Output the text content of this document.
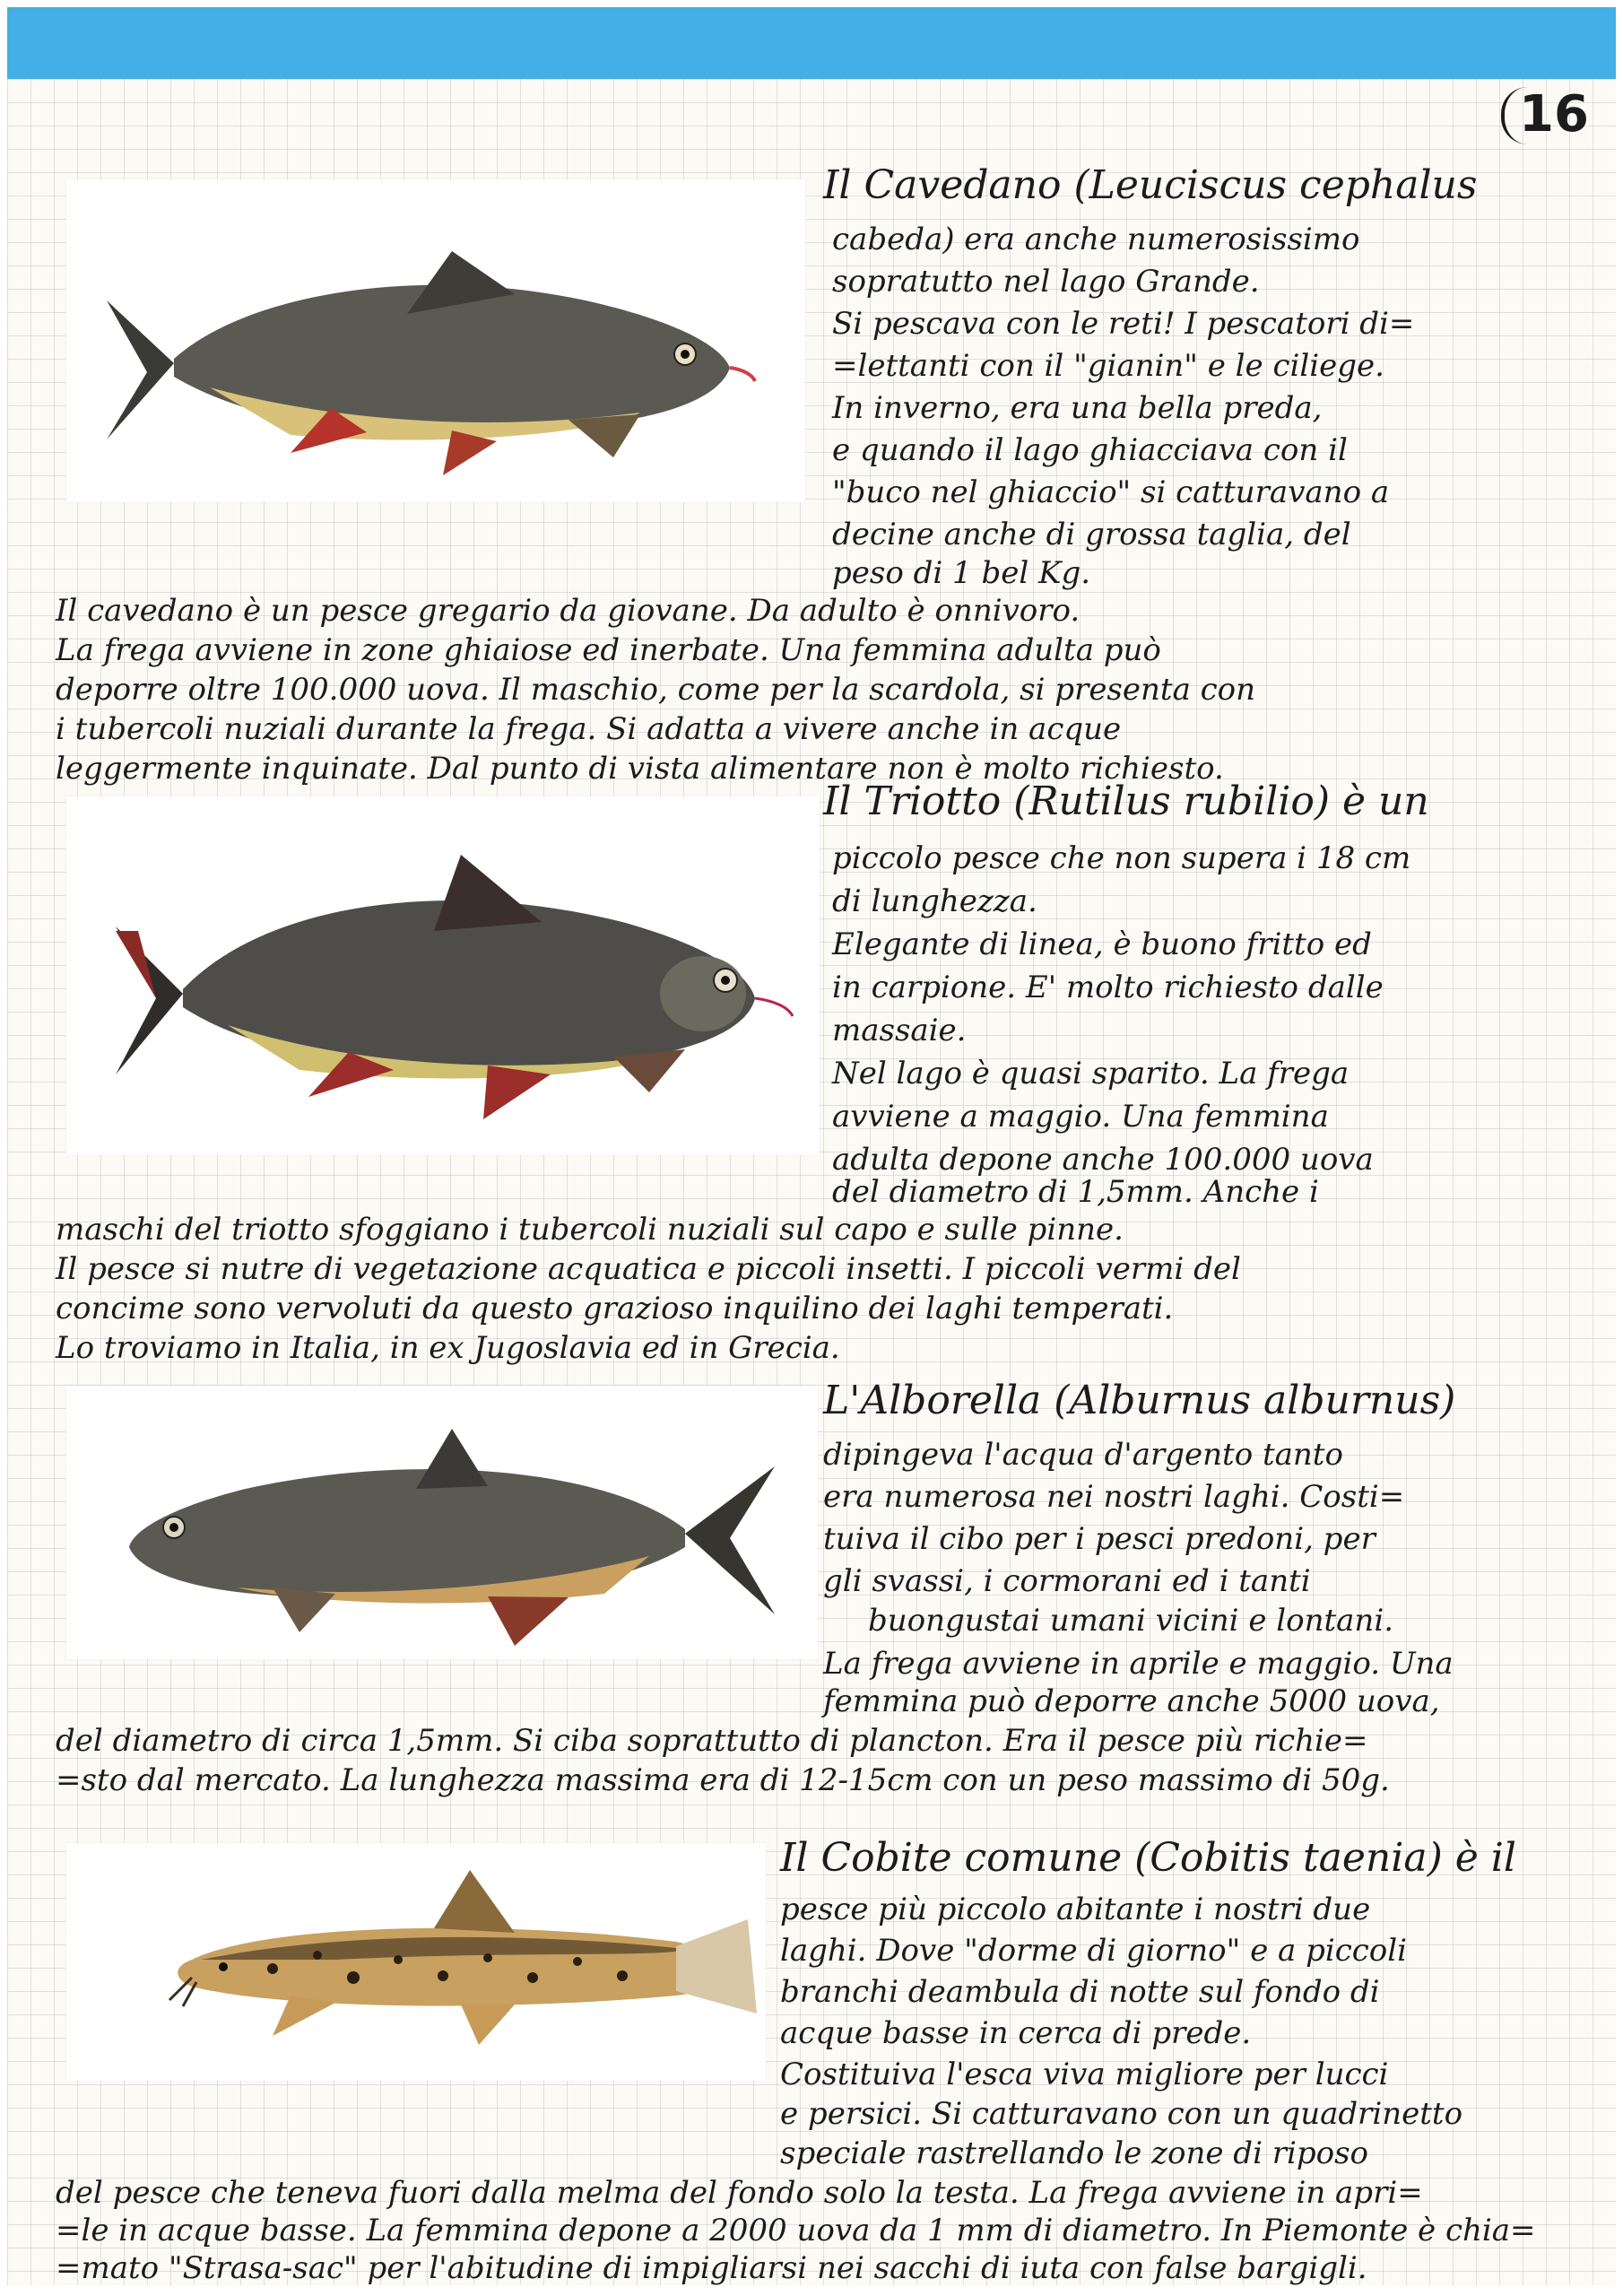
16

Il Cavedano (Leuciscus cephalus

cabeda) era anche numerosissimo

sopratutto nel lago Grande.

Si pescava con le reti! I pescatori di=

=lettanti con il "gianin" e le ciliege.

In inverno, era una bella preda,

e quando il lago ghiacciava con il

"buco nel ghiaccio" si catturavano a

decine anche di grossa taglia, del

peso di 1 bel Kg.

Il cavedano è un pesce gregario da giovane. Da adulto è onnivoro.

La frega avviene in zone ghiaiose ed inerbate. Una femmina adulta può

deporre oltre 100.000 uova. Il maschio, come per la scardola, si presenta con

i tubercoli nuziali durante la frega. Si adatta a vivere anche in acque

leggermente inquinate. Dal punto di vista alimentare non è molto richiesto.

Il Triotto (Rutilus rubilio) è un

piccolo pesce che non supera i 18 cm

di lunghezza.

Elegante di linea, è buono fritto ed

in carpione. E' molto richiesto dalle

massaie.

Nel lago è quasi sparito. La frega

avviene a maggio. Una femmina

adulta depone anche 100.000 uova

del diametro di 1,5mm. Anche i

maschi del triotto sfoggiano i tubercoli nuziali sul capo e sulle pinne.

Il pesce si nutre di vegetazione acquatica e piccoli insetti. I piccoli vermi del

concime sono vervoluti da questo grazioso inquilino dei laghi temperati.

Lo troviamo in Italia, in ex Jugoslavia ed in Grecia.

L'Alborella (Alburnus alburnus)

dipingeva l'acqua d'argento tanto

era numerosa nei nostri laghi. Costi=

tuiva il cibo per i pesci predoni, per

gli svassi, i cormorani ed i tanti

buongustai umani vicini e lontani.

La frega avviene in aprile e maggio. Una

femmina può deporre anche 5000 uova,

del diametro di circa 1,5mm. Si ciba soprattutto di plancton. Era il pesce più richie=

=sto dal mercato. La lunghezza massima era di 12-15cm con un peso massimo di 50g.

Il Cobite comune (Cobitis taenia) è il

pesce più piccolo abitante i nostri due

laghi. Dove "dorme di giorno" e a piccoli

branchi deambula di notte sul fondo di

acque basse in cerca di prede.

Costituiva l'esca viva migliore per lucci

e persici. Si catturavano con un quadrinetto

speciale rastrellando le zone di riposo

del pesce che teneva fuori dalla melma del fondo solo la testa. La frega avviene in apri=

=le in acque basse. La femmina depone a 2000 uova da 1 mm di diametro. In Piemonte è chia=

=mato "Strasa-sac" per l'abitudine di impigliarsi nei sacchi di iuta con false bargigli.
